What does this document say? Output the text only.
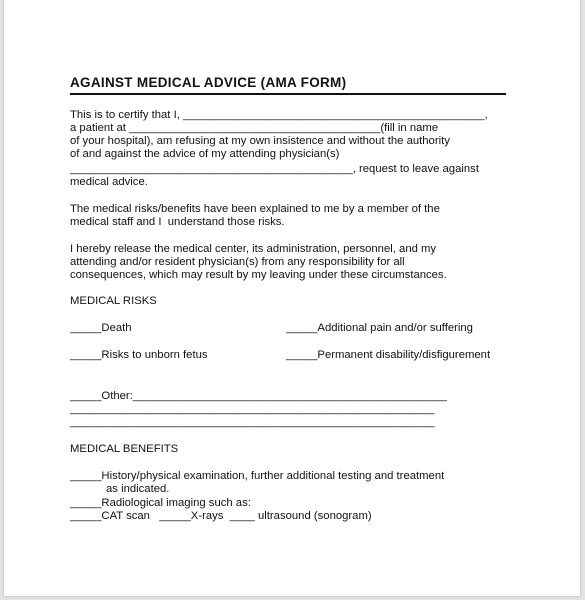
AGAINST MEDICAL ADVICE (AMA FORM)
This is to certify that I, ________________________________________________,
a patient at ________________________________________(fill in name
of your hospital), am refusing at my own insistence and without the authority
of and against the advice of my attending physician(s)
_____________________________________________, request to leave against
medical advice.
The medical risks/benefits have been explained to me by a member of the
medical staff and I  understand those risks.
I hereby release the medical center, its administration, personnel, and my
attending and/or resident physician(s) from any responsibility for all
consequences, which may result by my leaving under these circumstances.
MEDICAL RISKS
_____Death	_____Additional pain and/or suffering
_____Risks to unborn fetus	_____Permanent disability/disfigurement
_____Other:__________________________________________________
__________________________________________________________
__________________________________________________________
MEDICAL BENEFITS
_____History/physical examination, further additional testing and treatment
as indicated.
_____Radiological imaging such as:
_____CAT scan   _____X-rays  ____ ultrasound (sonogram)
